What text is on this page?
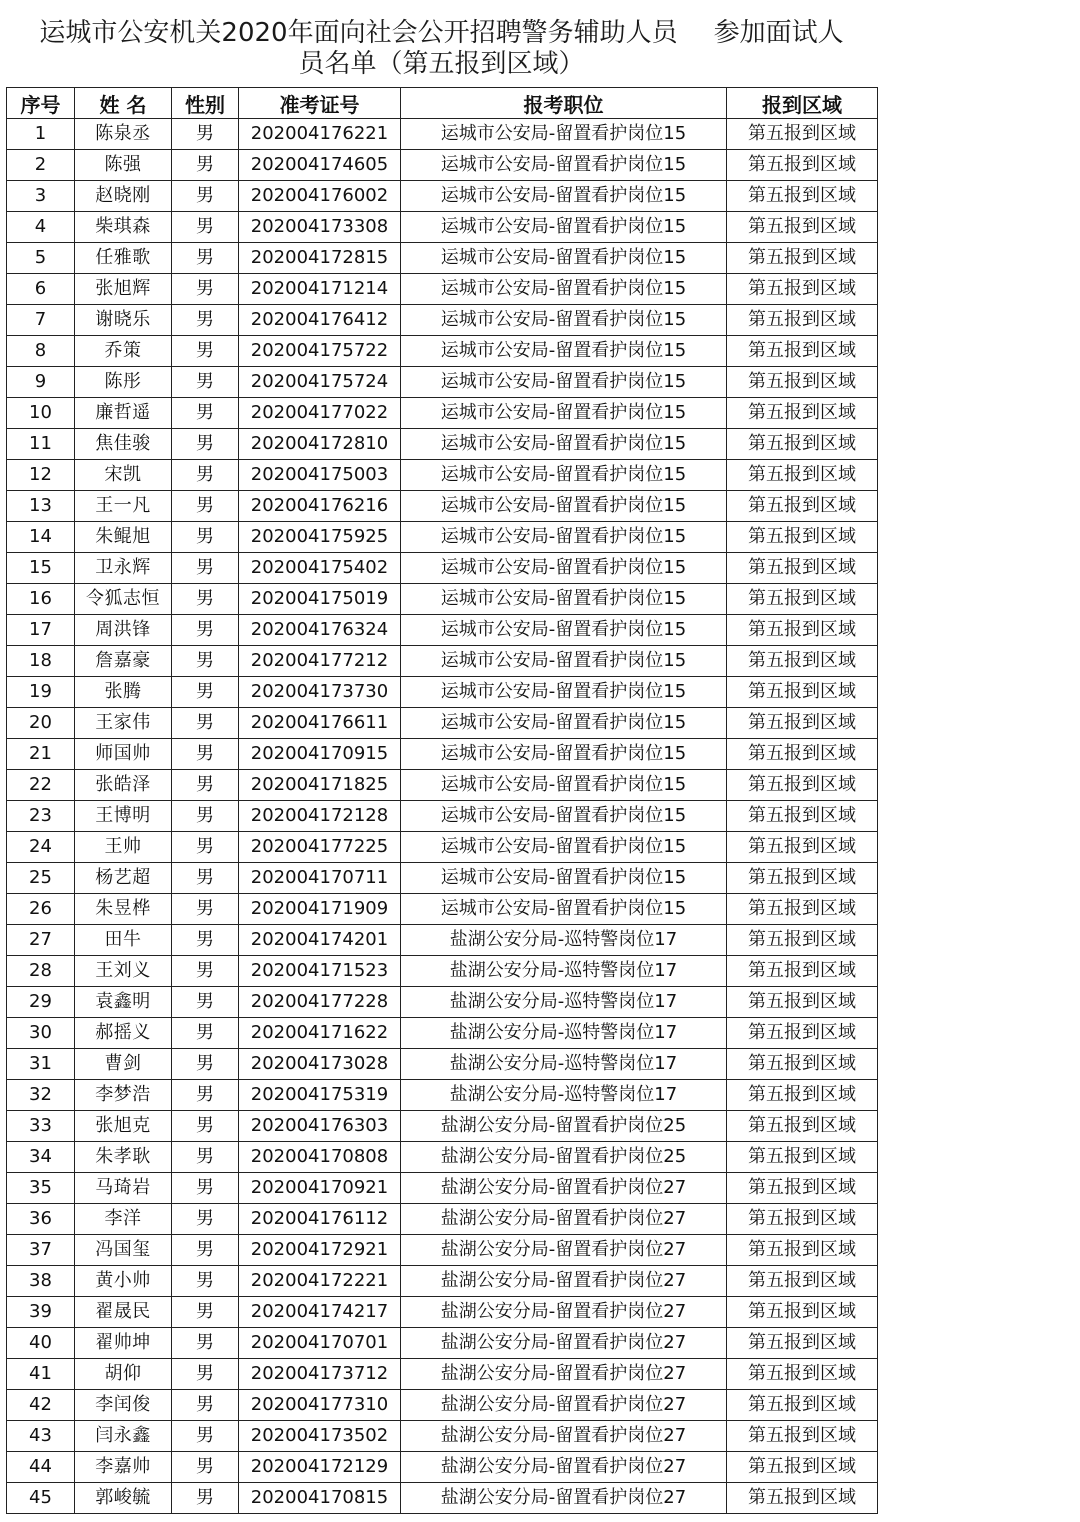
运城市公安机关2020年面向社会公开招聘警务辅助人员 参加面试人
员名单（第五报到区域）
序号	姓 名	性别	准考证号	报考职位	报到区域
1	陈泉丞	男	202004176221	运城市公安局-留置看护岗位15	第五报到区域
2	陈强	男	202004174605	运城市公安局-留置看护岗位15	第五报到区域
3	赵晓刚	男	202004176002	运城市公安局-留置看护岗位15	第五报到区域
4	柴琪森	男	202004173308	运城市公安局-留置看护岗位15	第五报到区域
5	任雅歌	男	202004172815	运城市公安局-留置看护岗位15	第五报到区域
6	张旭辉	男	202004171214	运城市公安局-留置看护岗位15	第五报到区域
7	谢晓乐	男	202004176412	运城市公安局-留置看护岗位15	第五报到区域
8	乔策	男	202004175722	运城市公安局-留置看护岗位15	第五报到区域
9	陈彤	男	202004175724	运城市公安局-留置看护岗位15	第五报到区域
10	廉哲遥	男	202004177022	运城市公安局-留置看护岗位15	第五报到区域
11	焦佳骏	男	202004172810	运城市公安局-留置看护岗位15	第五报到区域
12	宋凯	男	202004175003	运城市公安局-留置看护岗位15	第五报到区域
13	王一凡	男	202004176216	运城市公安局-留置看护岗位15	第五报到区域
14	朱鲲旭	男	202004175925	运城市公安局-留置看护岗位15	第五报到区域
15	卫永辉	男	202004175402	运城市公安局-留置看护岗位15	第五报到区域
16	令狐志恒	男	202004175019	运城市公安局-留置看护岗位15	第五报到区域
17	周洪锋	男	202004176324	运城市公安局-留置看护岗位15	第五报到区域
18	詹嘉豪	男	202004177212	运城市公安局-留置看护岗位15	第五报到区域
19	张腾	男	202004173730	运城市公安局-留置看护岗位15	第五报到区域
20	王家伟	男	202004176611	运城市公安局-留置看护岗位15	第五报到区域
21	师国帅	男	202004170915	运城市公安局-留置看护岗位15	第五报到区域
22	张皓泽	男	202004171825	运城市公安局-留置看护岗位15	第五报到区域
23	王博明	男	202004172128	运城市公安局-留置看护岗位15	第五报到区域
24	王帅	男	202004177225	运城市公安局-留置看护岗位15	第五报到区域
25	杨艺超	男	202004170711	运城市公安局-留置看护岗位15	第五报到区域
26	朱昱桦	男	202004171909	运城市公安局-留置看护岗位15	第五报到区域
27	田牛	男	202004174201	盐湖公安分局-巡特警岗位17	第五报到区域
28	王刘义	男	202004171523	盐湖公安分局-巡特警岗位17	第五报到区域
29	袁鑫明	男	202004177228	盐湖公安分局-巡特警岗位17	第五报到区域
30	郝摇义	男	202004171622	盐湖公安分局-巡特警岗位17	第五报到区域
31	曹剑	男	202004173028	盐湖公安分局-巡特警岗位17	第五报到区域
32	李梦浩	男	202004175319	盐湖公安分局-巡特警岗位17	第五报到区域
33	张旭克	男	202004176303	盐湖公安分局-留置看护岗位25	第五报到区域
34	朱孝耿	男	202004170808	盐湖公安分局-留置看护岗位25	第五报到区域
35	马琦岩	男	202004170921	盐湖公安分局-留置看护岗位27	第五报到区域
36	李洋	男	202004176112	盐湖公安分局-留置看护岗位27	第五报到区域
37	冯国玺	男	202004172921	盐湖公安分局-留置看护岗位27	第五报到区域
38	黄小帅	男	202004172221	盐湖公安分局-留置看护岗位27	第五报到区域
39	翟晟民	男	202004174217	盐湖公安分局-留置看护岗位27	第五报到区域
40	翟帅坤	男	202004170701	盐湖公安分局-留置看护岗位27	第五报到区域
41	胡仰	男	202004173712	盐湖公安分局-留置看护岗位27	第五报到区域
42	李闰俊	男	202004177310	盐湖公安分局-留置看护岗位27	第五报到区域
43	闫永鑫	男	202004173502	盐湖公安分局-留置看护岗位27	第五报到区域
44	李嘉帅	男	202004172129	盐湖公安分局-留置看护岗位27	第五报到区域
45	郭峻毓	男	202004170815	盐湖公安分局-留置看护岗位27	第五报到区域
